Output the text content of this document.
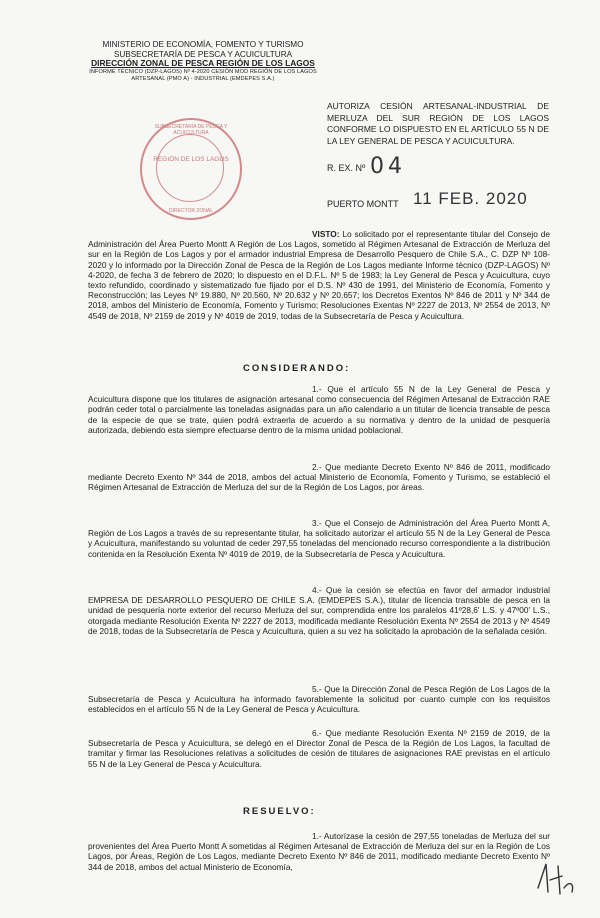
MINISTERIO DE ECONOMÍA, FOMENTO Y TURISMO
SUBSECRETARÍA DE PESCA Y ACUICULTURA
DIRECCIÓN ZONAL DE PESCA REGIÓN DE LOS LAGOS
INFORME TÉCNICO (DZP-LAGOS) Nº 4-2020 CESIÓN MOD REGIÓN DE LOS LAGOS
ARTESANAL (PMO A) - INDUSTRIAL (EMDEPES S.A.)
SUBSECRETARÍA DE PESCA Y ACUICULTURA
REGIÓN DE LOS LAGOS
DIRECTOR ZONAL
AUTORIZA CESIÓN ARTESANAL-INDUSTRIAL DE MERLUZA DEL SUR REGIÓN DE LOS LAGOS CONFORME LO DISPUESTO EN EL ARTÍCULO 55 N DE LA LEY GENERAL DE PESCA Y ACUICULTURA.
R. EX. Nº 04
PUERTO MONTT 11 FEB. 2020
VISTO: Lo solicitado por el representante titular del Consejo de Administración del Área Puerto Montt A Región de Los Lagos, sometido al Régimen Artesanal de Extracción de Merluza del sur en la Región de Los Lagos y por el armador industrial Empresa de Desarrollo Pesquero de Chile S.A., C. DZP Nº 108-2020 y lo informado por la Dirección Zonal de Pesca de la Región de Los Lagos mediante Informe técnico (DZP-LAGOS) Nº 4-2020, de fecha 3 de febrero de 2020; lo dispuesto en el D.F.L. Nº 5 de 1983; la Ley General de Pesca y Acuicultura, cuyo texto refundido, coordinado y sistematizado fue fijado por el D.S. Nº 430 de 1991, del Ministerio de Economía, Fomento y Reconstrucción; las Leyes Nº 19.880, Nº 20.560, Nº 20.632 y Nº 20.657; los Decretos Exentos Nº 846 de 2011 y Nº 344 de 2018, ambos del Ministerio de Economía, Fomento y Turismo; Resoluciones Exentas Nº 2227 de 2013, Nº 2554 de 2013, Nº 4549 de 2018, Nº 2159 de 2019 y Nº 4019 de 2019, todas de la Subsecretaría de Pesca y Acuicultura.
CONSIDERANDO:
1.- Que el artículo 55 N de la Ley General de Pesca y Acuicultura dispone que los titulares de asignación artesanal como consecuencia del Régimen Artesanal de Extracción RAE podrán ceder total o parcialmente las toneladas asignadas para un año calendario a un titular de licencia transable de pesca de la especie de que se trate, quien podrá extraerla de acuerdo a su normativa y dentro de la unidad de pesquería autorizada, debiendo esta siempre efectuarse dentro de la misma unidad poblacional.
2.- Que mediante Decreto Exento Nº 846 de 2011, modificado mediante Decreto Exento Nº 344 de 2018, ambos del actual Ministerio de Economía, Fomento y Turismo, se estableció el Régimen Artesanal de Extracción de Merluza del sur de la Región de Los Lagos, por áreas.
3.- Que el Consejo de Administración del Área Puerto Montt A, Región de Los Lagos a través de su representante titular, ha solicitado autorizar el artículo 55 N de la Ley General de Pesca y Acuicultura, manifestando su voluntad de ceder 297,55 toneladas del mencionado recurso correspondiente a la distribución contenida en la Resolución Exenta Nº 4019 de 2019, de la Subsecretaría de Pesca y Acuicultura.
4.- Que la cesión se efectúa en favor del armador industrial EMPRESA DE DESARROLLO PESQUERO DE CHILE S.A. (EMDEPES S.A.), titular de licencia transable de pesca en la unidad de pesquería norte exterior del recurso Merluza del sur, comprendida entre los paralelos 41º28,6' L.S. y 47º00' L.S., otorgada mediante Resolución Exenta Nº 2227 de 2013, modificada mediante Resolución Exenta Nº 2554 de 2013 y Nº 4549 de 2018, todas de la Subsecretaría de Pesca y Acuicultura, quien a su vez ha solicitado la aprobación de la señalada cesión.
5.- Que la Dirección Zonal de Pesca Región de Los Lagos de la Subsecretaría de Pesca y Acuicultura ha informado favorablemente la solicitud por cuanto cumple con los requisitos establecidos en el artículo 55 N de la Ley General de Pesca y Acuicultura.
6.- Que mediante Resolución Exenta Nº 2159 de 2019, de la Subsecretaría de Pesca y Acuicultura, se delegó en el Director Zonal de Pesca de la Región de Los Lagos, la facultad de tramitar y firmar las Resoluciones relativas a solicitudes de cesión de titulares de asignaciones RAE previstas en el artículo 55 N de la Ley General de Pesca y Acuicultura.
RESUELVO:
1.- Autorízase la cesión de 297,55 toneladas de Merluza del sur provenientes del Área Puerto Montt A sometidas al Régimen Artesanal de Extracción de Merluza del sur en la Región de Los Lagos, por Áreas, Región de Los Lagos, mediante Decreto Exento Nº 846 de 2011, modificado mediante Decreto Exento Nº 344 de 2018, ambos del actual Ministerio de Economía,
